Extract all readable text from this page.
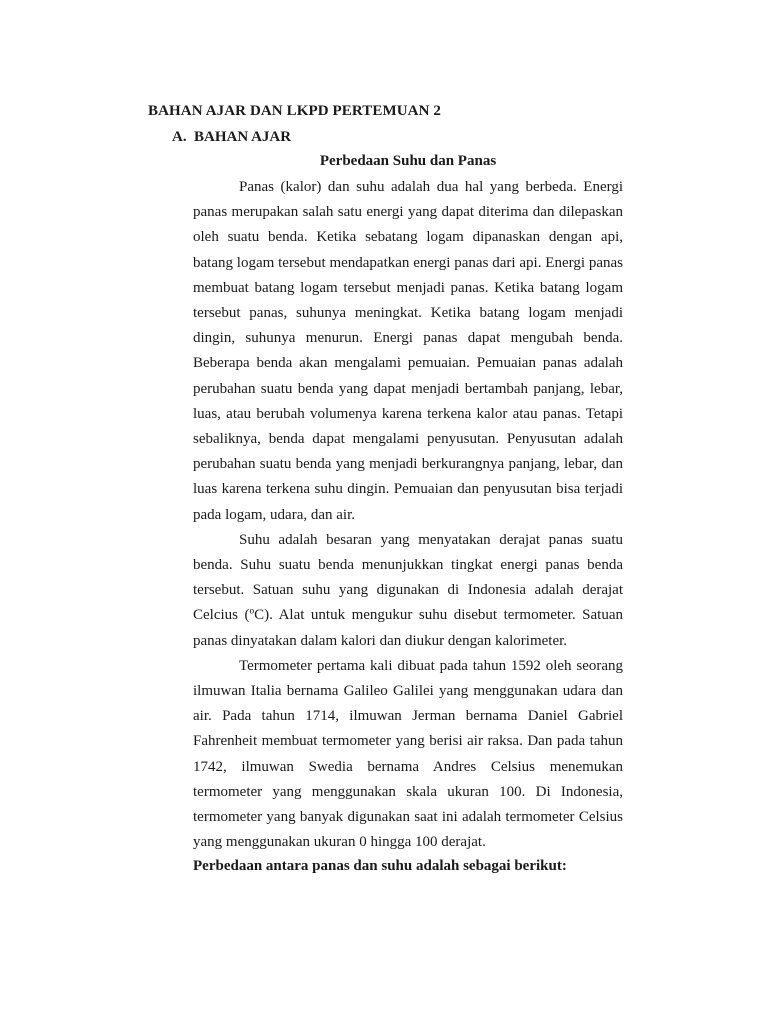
BAHAN AJAR DAN LKPD PERTEMUAN 2
A. BAHAN AJAR
Perbedaan Suhu dan Panas

Panas (kalor) dan suhu adalah dua hal yang berbeda. Energi panas merupakan salah satu energi yang dapat diterima dan dilepaskan oleh suatu benda. Ketika sebatang logam dipanaskan dengan api, batang logam tersebut mendapatkan energi panas dari api. Energi panas membuat batang logam tersebut menjadi panas. Ketika batang logam tersebut panas, suhunya meningkat. Ketika batang logam menjadi dingin, suhunya menurun. Energi panas dapat mengubah benda. Beberapa benda akan mengalami pemuaian. Pemuaian panas adalah perubahan suatu benda yang dapat menjadi bertambah panjang, lebar, luas, atau berubah volumenya karena terkena kalor atau panas. Tetapi sebaliknya, benda dapat mengalami penyusutan. Penyusutan adalah perubahan suatu benda yang menjadi berkurangnya panjang, lebar, dan luas karena terkena suhu dingin. Pemuaian dan penyusutan bisa terjadi pada logam, udara, dan air.

Suhu adalah besaran yang menyatakan derajat panas suatu benda. Suhu suatu benda menunjukkan tingkat energi panas benda tersebut. Satuan suhu yang digunakan di Indonesia adalah derajat Celcius (ºC). Alat untuk mengukur suhu disebut termometer. Satuan panas dinyatakan dalam kalori dan diukur dengan kalorimeter.

Termometer pertama kali dibuat pada tahun 1592 oleh seorang ilmuwan Italia bernama Galileo Galilei yang menggunakan udara dan air. Pada tahun 1714, ilmuwan Jerman bernama Daniel Gabriel Fahrenheit membuat termometer yang berisi air raksa. Dan pada tahun 1742, ilmuwan Swedia bernama Andres Celsius menemukan termometer yang menggunakan skala ukuran 100. Di Indonesia, termometer yang banyak digunakan saat ini adalah termometer Celsius yang menggunakan ukuran 0 hingga 100 derajat.

Perbedaan antara panas dan suhu adalah sebagai berikut:
